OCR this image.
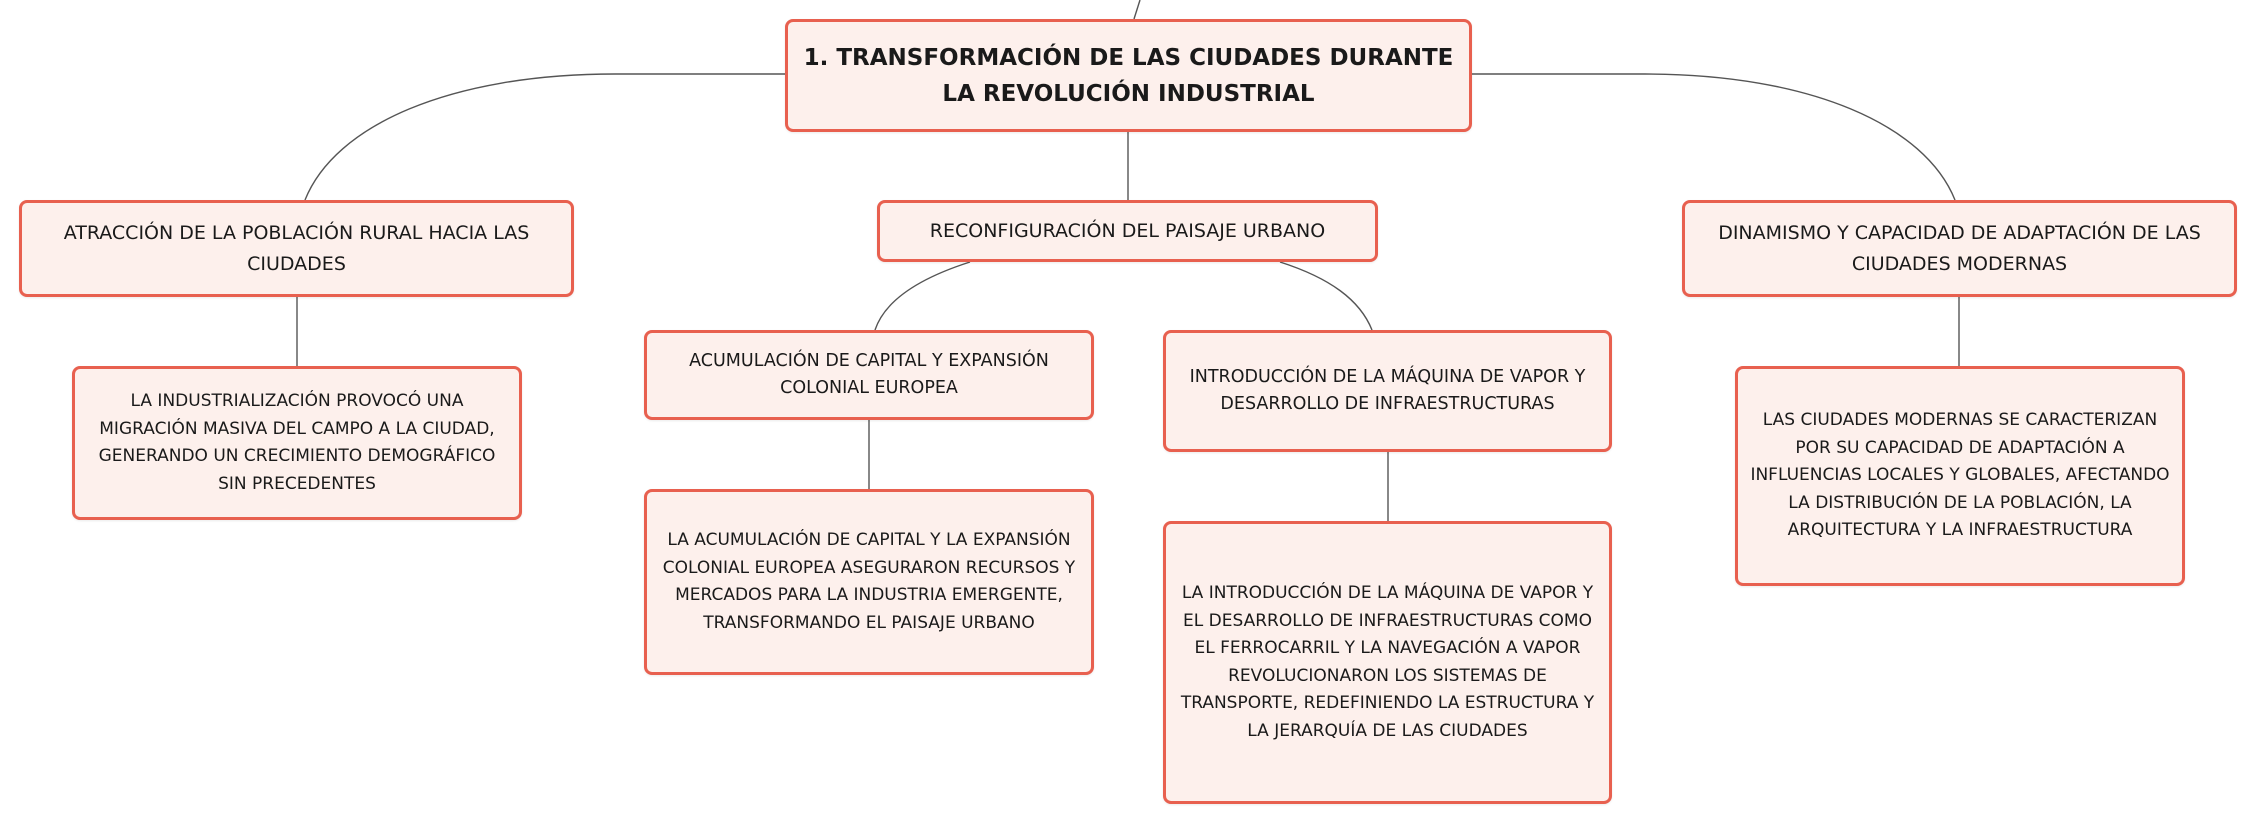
1. TRANSFORMACIÓN DE LAS CIUDADES DURANTE LA REVOLUCIÓN INDUSTRIAL
ATRACCIÓN DE LA POBLACIÓN RURAL HACIA LAS CIUDADES
LA INDUSTRIALIZACIÓN PROVOCÓ UNA MIGRACIÓN MASIVA DEL CAMPO A LA CIUDAD, GENERANDO UN CRECIMIENTO DEMOGRÁFICO SIN PRECEDENTES
RECONFIGURACIÓN DEL PAISAJE URBANO
ACUMULACIÓN DE CAPITAL Y EXPANSIÓN COLONIAL EUROPEA
LA ACUMULACIÓN DE CAPITAL Y LA EXPANSIÓN COLONIAL EUROPEA ASEGURARON RECURSOS Y MERCADOS PARA LA INDUSTRIA EMERGENTE, TRANSFORMANDO EL PAISAJE URBANO
INTRODUCCIÓN DE LA MÁQUINA DE VAPOR Y DESARROLLO DE INFRAESTRUCTURAS
LA INTRODUCCIÓN DE LA MÁQUINA DE VAPOR Y EL DESARROLLO DE INFRAESTRUCTURAS COMO EL FERROCARRIL Y LA NAVEGACIÓN A VAPOR REVOLUCIONARON LOS SISTEMAS DE TRANSPORTE, REDEFINIENDO LA ESTRUCTURA Y LA JERARQUÍA DE LAS CIUDADES
DINAMISMO Y CAPACIDAD DE ADAPTACIÓN DE LAS CIUDADES MODERNAS
LAS CIUDADES MODERNAS SE CARACTERIZAN POR SU CAPACIDAD DE ADAPTACIÓN A INFLUENCIAS LOCALES Y GLOBALES, AFECTANDO LA DISTRIBUCIÓN DE LA POBLACIÓN, LA ARQUITECTURA Y LA INFRAESTRUCTURA
